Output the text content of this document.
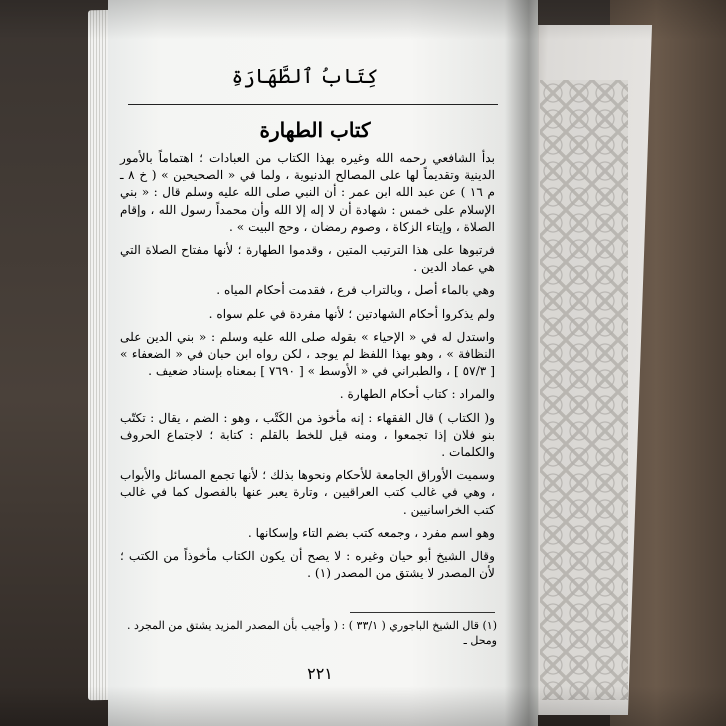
كِتَابُ ٱلطَّهَارَةِ
كتاب الطهارة

بدأ الشافعي رحمه الله وغيره بهذا الكتاب من العبادات ؛ اهتماماً بالأمور الدينية وتقديماً لها على المصالح الدنيوية ، ولما في « الصحيحين » ( خ ٨ ـ م ١٦ ) عن عبد الله ابن عمر : أن النبي صلى الله عليه وسلم قال : « بني الإسلام على خمس : شهادة أن لا إله إلا الله وأن محمداً رسول الله ، وإقام الصلاة ، وإيتاء الزكاة ، وصوم رمضان ، وحج البيت » .

فرتبوها على هذا الترتيب المتين ، وقدموا الطهارة ؛ لأنها مفتاح الصلاة التي هي عماد الدين .

وهي بالماء أصل ، وبالتراب فرع ، فقدمت أحكام المياه .

ولم يذكروا أحكام الشهادتين ؛ لأنها مفردة في علم سواه .

واستدل له في « الإحياء » بقوله صلى الله عليه وسلم : « بني الدين على النظافة » ، وهو بهذا اللفظ لم يوجد ، لكن رواه ابن حبان في « الضعفاء » [ ٥٧/٣ ] ، والطبراني في « الأوسط » [ ٧٦٩٠ ] بمعناه بإسناد ضعيف .

والمراد : كتاب أحكام الطهارة .

و( الكتاب ) قال الفقهاء : إنه مأخوذ من الكَتْب ، وهو : الضم ، يقال : تكتّب بنو فلان إذا تجمعوا ، ومنه قيل للخط بالقلم : كتابة ؛ لاجتماع الحروف والكلمات .

وسميت الأوراق الجامعة للأحكام ونحوها بذلك ؛ لأنها تجمع المسائل والأبواب ، وهي في غالب كتب العراقيين ، وتارة يعبر عنها بالفصول كما في غالب كتب الخراسانيين .

وهو اسم مفرد ، وجمعه كتب بضم التاء وإسكانها .

وقال الشيخ أبو حيان وغيره : لا يصح أن يكون الكتاب مأخوذاً من الكتب ؛ لأن المصدر لا يشتق من المصدر (١) .

(١) قال الشيخ الباجوري ( ٣٣/١ ) : ( وأجيب بأن المصدر المزيد يشتق من المجرد . ومحل ـ
٢٢١
